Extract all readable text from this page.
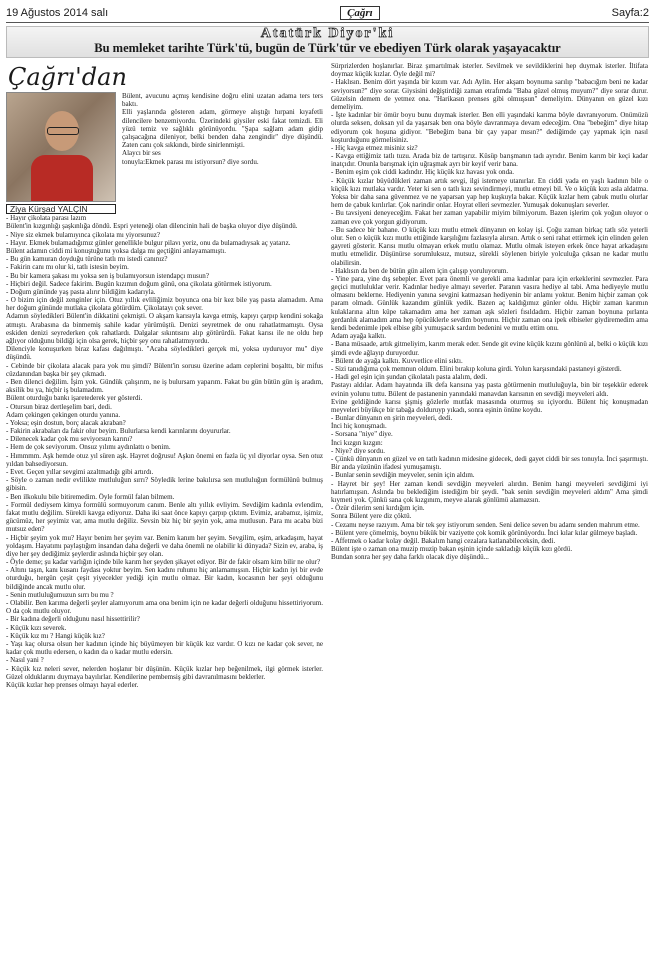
19 Ağustos 2014 salı	Çağrı	Sayfa:2
Atatürk Diyor'ki
Bu memleket tarihte Türk'tü, bugün de Türk'tür ve ebediyen Türk olarak yaşayacaktır
Çağrı'dan
Ziya Kürşad YALÇIN

Bülent, avucunu açmış kendisine doğru elini uzatan adama ters ters baktı.

Elli yaşlarında gösteren adam, görmeye alıştığı hırpani kıyafetli dilencilere benzemiyordu. Üzerindeki giysiler eski fakat temizdi. Eli yüzü temiz ve sağlıklı görünüyordu. "Şapa sağlam adam gidip çalışacağına dileniyor, belki benden daha zengindir" diye düşündü. Zaten canı çok sıkkındı, birde sinirlenmişti.

Alaycı bir ses

tonuyla:Ekmek parası mı istiyorsun? diye sordu.

- Hayır çikolata parası lazım

Bülent'in kızgınlığı şaşkınlığa döndü. Espri yeteneği olan dilencinin hali de başka oluyor diye düşündü.

- Niye siz ekmek bulamıyınca çikolata mı yiyorsunuz?

- Hayır. Ekmek bulamadığımız günler genellikle bulgur pilavı yeriz, onu da bulamadıysak aç yatarız.

Bülent adamın ciddi mi konuştuğunu yoksa dalga mı geçtiğini anlayamamıştı.

- Bu gün kamuran doyduğu türüne tatlı mı istedi canınız?

- Fakirin canı mı olur ki, tatlı istesin beyim.

- Bu bir kamera şakası mı yoksa sen iş bulamıyorsun istendapçı musun?

- Hiçbiri değil. Sadece fakirim. Bugün kızımın doğum günü, ona çikolata götürmek istiyorum.

- Doğum gününde yaş pasta alırır bildiğim kadarıyla.

- O bizim için değil zenginler için. Otuz yıllık evliliğimiz boyunca ona bir kez bile yaş pasta alamadım. Ama her doğum gününde mutlaka çikolata götürdüm. Çikolatayı çok sever.

Adamın söyledikleri Bülent'in dikkatini çekmişti. O akşam karısıyla kavga etmiş, kapıyı çarpıp kendini sokağa atmıştı. Arabasına da binmemiş sahile kadar yürümüştü. Denizi seyretmek de onu rahatlatmamıştı. Oysa eskiden denizi seyrederken çok rahatlardı. Dalgalar sıkıntısını alıp götürürdü. Fakat karısı ile ne oldu hep ağlıyor olduğunu bildiği için olsa gerek, hiçbir şey onu rahatlatmıyordu.

Dilenciyle konuşurken biraz kafası dağılmıştı. "Acaba söyledikleri gerçek mi, yoksa uyduruyor mu" diye düşündü.

- Cebinde bir çikolata alacak para yok mu şimdi? Bülent'in sorusu üzerine adam ceplerini boşalttı, bir mifus cüzdanından başka bir şey çıkmadı.

- Ben dilenci değilim. İşim yok. Gündük çalışırım, ne iş bulursam yaparım. Fakat bu gün bütün gün iş aradım, aksilik bu ya, hiçbir iş bulamadım.

Bülent oturduğu bankı işaretederek yer gösterdi.

- Otursun biraz dertleşelim bari, dedi.

Adam çekingen çekingen oturdu yanına.

- Yoksa; eşin dostun, borç alacak akraban?

- Fakirin akrabaları da fakir olur beyim. Bulurlarsa kendi karınlarını doyururlar.

- Dilenecek kadar çok mu seviyorsun karını?

- Hem de çok seviyorum. Onsuz yılımı aydınlattı o benim.

- Hımmmm. Aşk hemde otuz yıl süren aşk. Hayret doğrusu! Aşkın önemi en fazla üç yıl diyorlar oysa. Sen otuz yıldan bahsediyorsun.

- Evet. Geçen yıllar sevgimi azaltmadığı gibi artırdı.

- Söyle o zaman nedir evlilikte mutluluğun sırrı? Söyledik lerine bakılırsa sen mutluluğun formülünü bulmuş gibisin.

- Ben ilkokulu bile bitiremedim. Öyle formül falan bilmem.

- Formül dediysem kimya formülü sormuyorum canım. Benle altı yıllık evliyim. Sevdiğim kadınla evlendim, fakat mutlu değilim. Sürekli kavga ediyoruz. Daha iki saat önce kapıyı çarpıp çıktım. Evimiz, arabamız, işimiz, gücümüz, her şeyimiz var, ama mutlu değiliz. Sevsin biz hiç bir şeyin yok, ama mutlusun. Para mı acaba bizi mutsuz eden?

- Hiçbir şeyim yok mu? Hayır benim her şeyim var. Benim kanım her şeyim. Sevgilim, eşim, arkadaşım, hayat yoldaşım. Hayatımı paylaştığım insandan daha değerli ve daha önemli ne olabilir ki dünyada? Sizin ev, araba, iş diye her şey dediğimiz şeylerdir aslında hiçbir şey olan.

- Öyle deme; şu kadar varlığın içinde bile karım her şeyden şikayet ediyor. Bir de fakir olsam kim bilir ne olur?

- Altını taşın, kanı kusanı faydası yoktur beyim. Sen kadını ruhunu hiç anlamamışsın. Hiçbir kadın iyi bir evde oturduğu, hergün çeşit çeşit yiyecekler yediği için mutlu olmaz. Bir kadın, kocasının her şeyi olduğunu bildiğinde ancak mutlu olur.

- Senin mutluluğumuzun sırrı bu mu ?

- Olabilir. Ben karıma değerli şeyler alamıyorum ama ona benim için ne kadar değerli olduğunu hissettiriyorum. O da çok mutlu oluyor.

- Bir kadına değerli olduğunu nasıl hissettirilir?

- Küçük kızı severek.

- Küçük kız mı ? Hangi küçük kız?

- Yaşı kaç olursa olsun her kadının içinde hiç büyümeyen bir küçük kız vardır. O kızı ne kadar çok sever, ne kadar çok mutlu edersen, o kadın da o kadar mutlu edersin.

- Nasıl yani ?

- Küçük kız neleri sever, nelerden hoşlanır bir düşünün. Küçük kızlar hep beğenilmek, ilgi görmek isterler. Güzel olduklarını duymaya bayılırlar. Kendilerine pembemsiş gibi davranılmasını beklerler.

Küçük kızlar hep prenses olmayı hayal ederler.

Sürprizlerden hoşlanırlar. Biraz şımartılmak isterler. Sevilmek ve sevildiklerini hep duymak isterler. İltifata doymaz küçük kızlar. Öyle değil mi?

- Haklısın. Benim dört yaşında bir kızım var. Adı Aylin. Her akşam boynuma sarılıp "babacığım beni ne kadar seviyorsun?" diye sorar. Giysisini değiştirdiği zaman etrafımda "Baba güzel olmuş muyum?" diye sorar durur. Güzelsin demem de yetmez ona. "Harikasın prenses gibi olmuşsun" demeliyim. Dünyanın en güzel kızı demeliyim.

- İşte kadınlar bir ömür boyu bunu duymak isterler. Ben elli yaşındaki karıma böyle davranıyorum. Onümüzü olurda seksen, doksan yıl da yaşarsak ben ona böyle davranmaya devam edeceğim. Ona "bebeğim" diye hitap ediyorum çok hoşuna gidiyor. "Bebeğim bana bir çay yapar mısın?" dediğimde çay yapmak için nasıl koşturduğunu görmelisiniz.

- Hiç kavga etmez misiniz siz?

- Kavga ettiğimiz tatlı tuzu. Arada biz de tartışırız. Küsüp barışmanın tadı ayrıdır. Benim karım bir keçi kadar inatçıdır. Onunla barışmak için uğraşmak ayrı bir keyif verir bana.

- Benim eşim çok ciddi kadındır. Hiç küçük kız havası yok onda.

- Küçük kızlar büyüdükleri zaman artık sevgi, ilgi istemeye utanırlar. En ciddi yada en yaşlı kadının bile o küçük kızı mutlaka vardır. Yeter ki sen o tatlı kızı sevindirmeyi, mutlu etmeyi bil. Ve o küçük kızı asla aldatma. Yoksa bir daha sana güvenmez ve ne yaparsan yap hep kuşkuyla bakar. Küçük kızlar hem çabuk mutlu olurlar hem de çabuk kırılırlar. Çok narindir onlar. Hoyrat elleri sevmezler. Yumuşak dokunuşları severler.

- Bu tavsiyeni deneyeceğim. Fakat her zaman yapabilir miyim bilmiyorum. Bazen işlerim çok yoğun oluyor o zaman eve çok yorgun gidiyorum.

- Bu sadece bir bahane. O küçük kızı mutlu etmek dünyanın en kolay işi. Çoğu zaman birkaç tatlı söz yeterli olur. Sen o küçük kızı mutlu ettiğinde karşılığını fazlasıyla alırsın. Artık o seni rahat ettirmek için elinden gelen gayreti gösterir. Karısı mutlu olmayan erkek mutlu olamaz. Mutlu olmak isteyen erkek önce hayat arkadaşını mutlu etmelidir. Düşünürse sorumluksuz, mutsuz, sürekli söylenen biriyle yolculuğa çıksan ne kadar mutlu olabilirsin.

- Haklısın da ben de bütün gün ailem için çalışıp yoruluyorum.

- Yine para, yine dış sebepler. Evet para önemli ve gerekli ama kadınlar para için erkeklerini sevmezler. Para geçici mutluluklar verir. Kadınlar hediye almayı severler. Paranın vasıra hediye al tabi. Ama hediyeyle mutlu olmasını beklerne. Hediyenin yanına sevgini katmazsan hediyenin bir anlamı yoktur. Benim hiçbir zaman çok param olmadı. Günlük kazandım günlük yedik. Bazen aç kaldığımız günler oldu. Hiçbir zaman karımın kulaklarına altın küpe takamadım ama her zaman aşk sözleri fısıldadım. Hiçbir zaman boynuna pırlanta gerdanlık alamadım ama hep öpücüklerle sevdim boynunu. Hiçbir zaman ona ipek elbiseler giydiremedim ama kendi bedenimle ipek elbise gibi yumuşacık sardım bedenini ve mutlu ettim onu.

Adam ayağa kalktı.

- Bana müsaade, artık gitmeliyim, karım merak eder. Sende git evine küçük kızını gönlünü al, belki o küçük kızı şimdi evde ağlayıp duruyordur.

- Bülent de ayağa kalktı. Kuvvetlice elini sıktı.

- Sizi tanıdığıma çok memnun oldum. Elini bırakıp koluna girdi. Yolun karşısındaki pastaneyi gösterdi.

- Hadi gel eşin için şundan çikolatalı pasta alalım, dedi.

Pastayı aldılar. Adam hayatında ilk defa karısına yaş pasta götürmenin mutluluğuyla, bin bir teşekkür ederek evinin yolunu tuttu. Bülent de pastanenin yanındaki manavdan karısının en sevdiği meyveleri aldı.

Evine geldiğinde karısı şişmiş gözlerle mutfak masasında oturmuş su içiyordu. Bülent hiç konuşmadan meyveleri büyükçe bir tabağa dolduruyp yıkadı, sonra eşinin önüne koydu.

- Bunlar dünyanın en şirin meyveleri, dedi.

İnci hiç konuşmadı.

- Sorsana "niye" diye.

İnci kızgın kızgın:

- Niye? diye sordu.

- Çünkü dünyanın en güzel ve en tatlı kadının midesine gidecek, dedi gayet ciddi bir ses tonuyla. İnci şaşırmıştı. Bir anda yüzünün ifadesi yumuşamıştı.

- Bunlar senin sevdiğin meyveler, senin için aldım.

- Hayret bir şey! Her zaman kendi sevdiğin meyveleri alırdın. Benim hangi meyveleri sevdiğimi iyi hatırlamışsın. Aslında bu beklediğim istediğim bir şeydi. "bak senin sevdiğin meyveleri aldım" Ama şimdi kıymeti yok. Çünkü sana çok kızgınım, meyve alarak gönlümü alamazsın.

- Özür dilerim seni kırdığım için.

Sonra Bülent yere diz çöktü.

- Cezamı neyse razıyım. Ama bir tek şey istiyorum senden. Seni delice seven bu adamı senden mahrum etme.

- Bülent yere çömelmiş, boynu bükük bir vaziyette çok komik görünüyordu. İnci kılar kılar gülmeye başladı.

- Affetmek o kadar kolay değil. Bakalım hangi cezalara katlanabileceksin, dedi.

Bülent işte o zaman ona muzip muzip bakan eşinin içinde sakladığı küçük kızı gördü.

Bundan sonra her şey daha farklı olacak diye düşündü...
